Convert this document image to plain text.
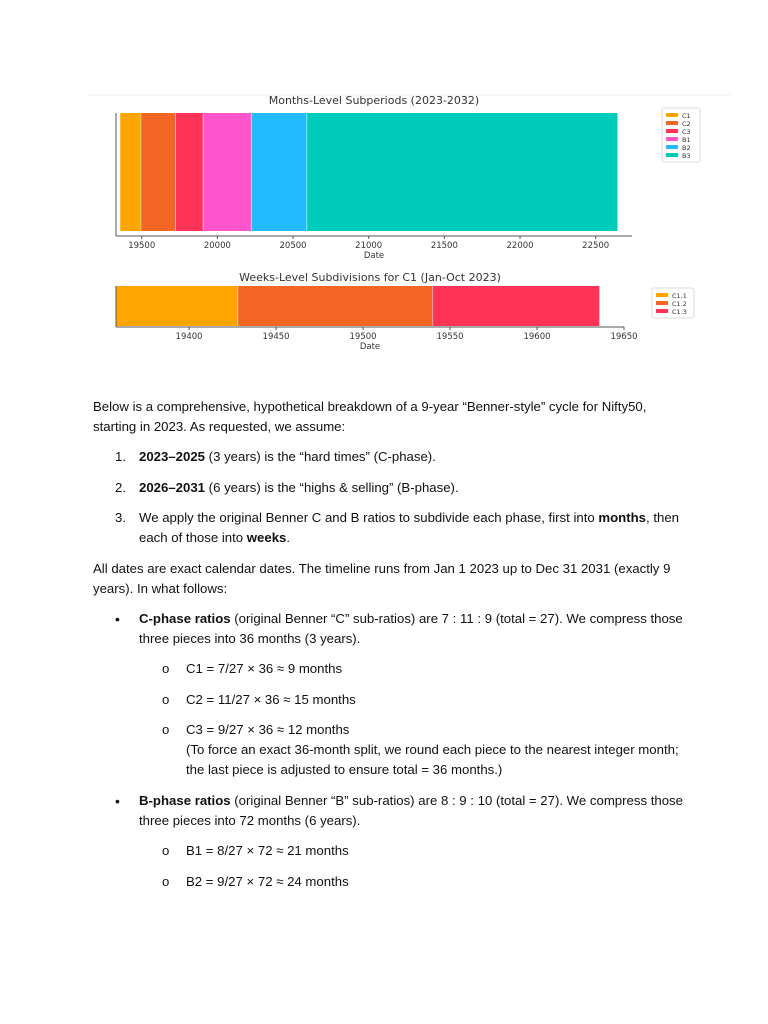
Months-Level Subperiods (2023-2032)
19500	20000	20500	21000	21500	22000	22500
Date
C1
C2
C3
B1
B2
B3
Weeks-Level Subdivisions for C1 (Jan-Oct 2023)
19400	19450	19500	19550	19600	19650
Date
C1.1
C1.2
C1.3

Below is a comprehensive, hypothetical breakdown of a 9-year “Benner-style” cycle for Nifty50, starting in 2023. As requested, we assume:

1. 2023–2025 (3 years) is the “hard times” (C-phase).
2. 2026–2031 (6 years) is the “highs & selling” (B-phase).
3. We apply the original Benner C and B ratios to subdivide each phase, first into months, then each of those into weeks.

All dates are exact calendar dates. The timeline runs from Jan 1 2023 up to Dec 31 2031 (exactly 9 years). In what follows:

•	C-phase ratios (original Benner “C” sub-ratios) are 7 : 11 : 9 (total = 27). We compress those three pieces into 36 months (3 years).
o	C1 = 7/27 × 36 ≈ 9 months
o	C2 = 11/27 × 36 ≈ 15 months
o	C3 = 9/27 × 36 ≈ 12 months
(To force an exact 36-month split, we round each piece to the nearest integer month; the last piece is adjusted to ensure total = 36 months.)
•	B-phase ratios (original Benner “B” sub-ratios) are 8 : 9 : 10 (total = 27). We compress those three pieces into 72 months (6 years).
o	B1 = 8/27 × 72 ≈ 21 months
o	B2 = 9/27 × 72 ≈ 24 months
